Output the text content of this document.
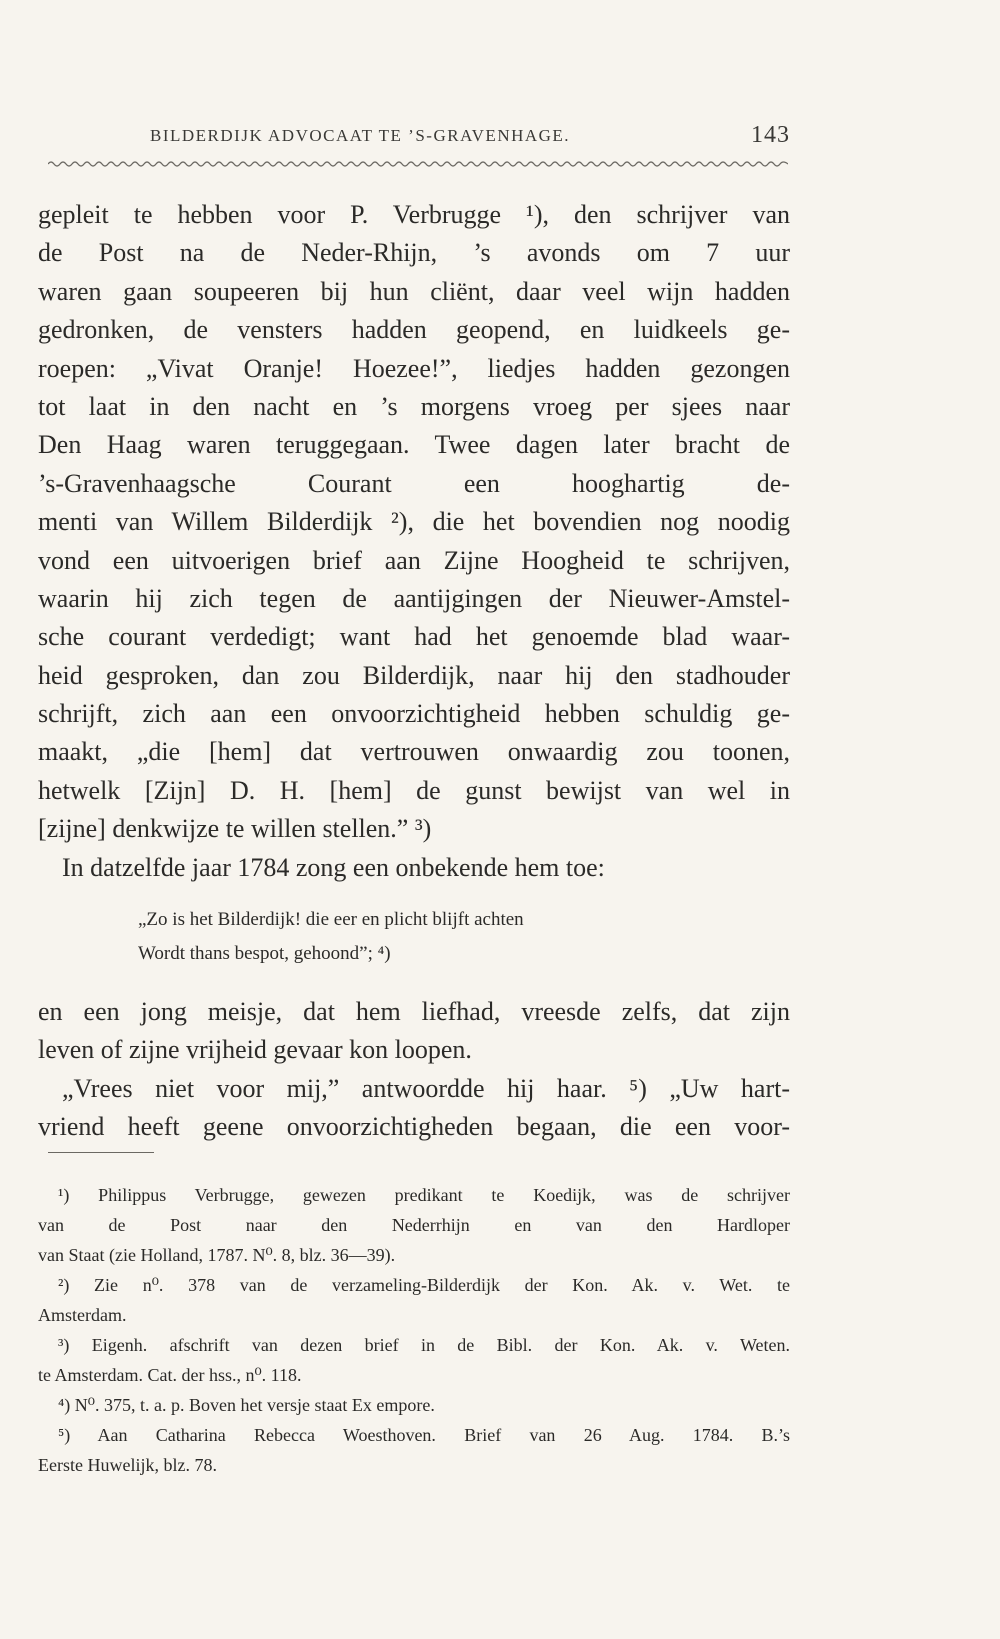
BILDERDIJK ADVOCAAT TE ’S-GRAVENHAGE.	143
gepleit te hebben voor P. Verbrugge ¹), den schrijver van
de Post na de Neder-Rhijn, ’s avonds om 7 uur
waren gaan soupeeren bij hun cliënt, daar veel wijn hadden
gedronken, de vensters hadden geopend, en luidkeels ge-
roepen: „Vivat Oranje! Hoezee!”, liedjes hadden gezongen
tot laat in den nacht en ’s morgens vroeg per sjees naar
Den Haag waren teruggegaan. Twee dagen later bracht de
’s-Gravenhaagsche Courant een hooghartig de-
menti van Willem Bilderdijk ²), die het bovendien nog noodig
vond een uitvoerigen brief aan Zijne Hoogheid te schrijven,
waarin hij zich tegen de aantijgingen der Nieuwer-Amstel-
sche courant verdedigt; want had het genoemde blad waar-
heid gesproken, dan zou Bilderdijk, naar hij den stadhouder
schrijft, zich aan een onvoorzichtigheid hebben schuldig ge-
maakt, „die [hem] dat vertrouwen onwaardig zou toonen,
hetwelk [Zijn] D. H. [hem] de gunst bewijst van wel in
[zijne] denkwijze te willen stellen.” ³)
In datzelfde jaar 1784 zong een onbekende hem toe:
„Zo is het Bilderdijk! die eer en plicht blijft achten
Wordt thans bespot, gehoond”; ⁴)
en een jong meisje, dat hem liefhad, vreesde zelfs, dat zijn
leven of zijne vrijheid gevaar kon loopen.
„Vrees niet voor mij,” antwoordde hij haar. ⁵) „Uw hart-
vriend heeft geene onvoorzichtigheden begaan, die een voor-
¹) Philippus Verbrugge, gewezen predikant te Koedijk, was de schrijver
van de Post naar den Nederrhijn en van den Hardloper
van Staat (zie Holland, 1787. N⁰. 8, blz. 36—39).
²) Zie n⁰. 378 van de verzameling-Bilderdijk der Kon. Ak. v. Wet. te
Amsterdam.
³) Eigenh. afschrift van dezen brief in de Bibl. der Kon. Ak. v. Weten.
te Amsterdam. Cat. der hss., n⁰. 118.
⁴) N⁰. 375, t. a. p. Boven het versje staat Ex empore.
⁵) Aan Catharina Rebecca Woesthoven. Brief van 26 Aug. 1784. B.’s
Eerste Huwelijk, blz. 78.
